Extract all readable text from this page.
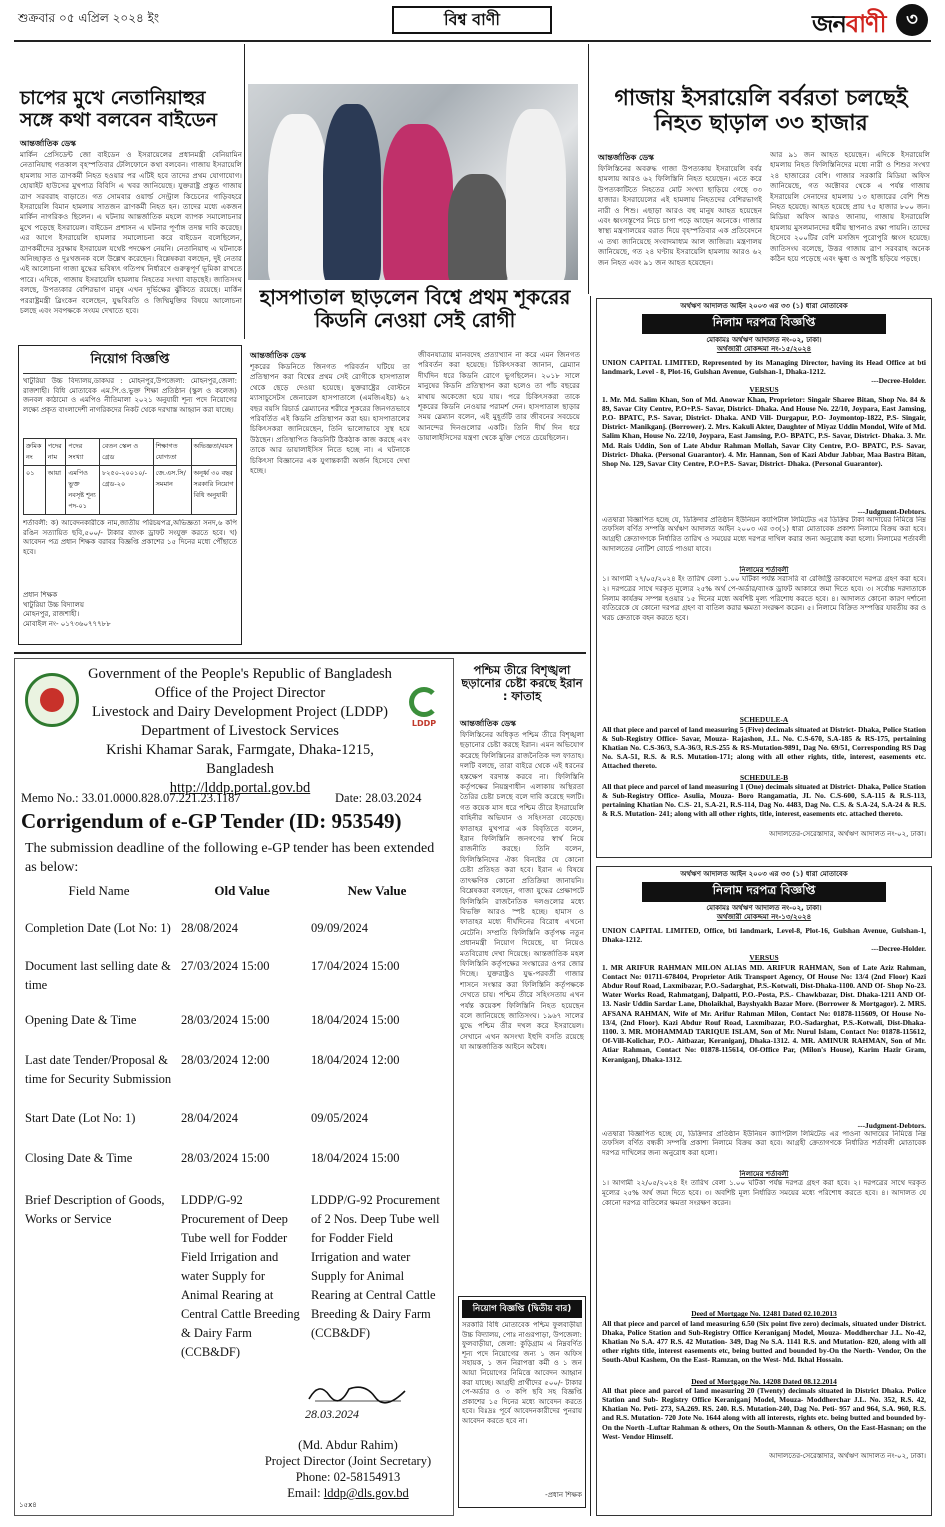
শুক্রবার ০৫ এপ্রিল ২০২৪ ইং	বিশ্ব বাণী	জনবাণী	৩
চাপের মুখে নেতানিয়াহুর সঙ্গে কথা বলবেন বাইডেন
আন্তর্জাতিক ডেস্ক
মার্কিন প্রেসিডেন্ট জো বাইডেন ও ইসরায়েলের প্রধানমন্ত্রী বেনিয়ামিন নেতানিয়াহু গতকাল বৃহস্পতিবার টেলিফোনে কথা বলবেন। গাজায় ইসরায়েলি হামলায় সাত ত্রাণকর্মী নিহত হওয়ার পর এটিই হবে তাদের প্রথম যোগাযোগ। হোয়াইট হাউসের মুখপাত্র বিবিসি এ খবর জানিয়েছে। যুক্তরাষ্ট্র প্রস্তুত গাজায় ত্রাণ সরবরাহ বাড়াতে। গত সোমবার ওয়ার্ল্ড সেন্ট্রাল কিচেনের গাড়িবহরে ইসরায়েলি বিমান হামলায় সাতজন ত্রাণকর্মী নিহত হন। তাদের মধ্যে একজন মার্কিন নাগরিকও ছিলেন। এ ঘটনায় আন্তর্জাতিক মহলে ব্যাপক সমালোচনার মুখে পড়েছে ইসরায়েল। বাইডেন প্রশাসন এ ঘটনার পূর্ণাঙ্গ তদন্ত দাবি করেছে। এর আগে ইসরায়েলি হামলার সমালোচনা করে বাইডেন বলেছিলেন, ত্রাণকর্মীদের সুরক্ষায় ইসরায়েল যথেষ্ট পদক্ষেপ নেয়নি। নেতানিয়াহু এ ঘটনাকে অনিচ্ছাকৃত ও দুঃখজনক বলে উল্লেখ করেছেন। বিশ্লেষকরা বলছেন, দুই নেতার এই আলোচনা গাজা যুদ্ধের ভবিষ্যৎ গতিপথ নির্ধারণে গুরুত্বপূর্ণ ভূমিকা রাখতে পারে। এদিকে, গাজায় ইসরায়েলি হামলায় নিহতের সংখ্যা বাড়ছেই। জাতিসংঘ বলছে, উপত্যকার বেশিরভাগ মানুষ এখন দুর্ভিক্ষের ঝুঁকিতে রয়েছে। মার্কিন পররাষ্ট্রমন্ত্রী ব্লিংকেন বলেছেন, যুদ্ধবিরতি ও জিম্মিমুক্তির বিষয়ে আলোচনা চলছে এবং সবপক্ষকে সংযম দেখাতে হবে।
গাজায় ইসরায়েলি বর্বরতা চলছেই নিহত ছাড়াল ৩৩ হাজার
আন্তর্জাতিক ডেস্ক
ফিলিস্তিনের অবরুদ্ধ গাজা উপত্যকায় ইসরায়েলি বর্বর হামলায় আরও ৬২ ফিলিস্তিনি নিহত হয়েছেন। এতে করে উপত্যকাটিতে নিহতের মোট সংখ্যা ছাড়িয়ে গেছে ৩৩ হাজার। ইসরায়েলের এই হামলায় নিহতদের বেশিরভাগই নারী ও শিশু। এছাড়া আরও বহু মানুষ আহত হয়েছেন এবং ধ্বংসস্তূপের নিচে চাপা পড়ে আছেন অনেকে। গাজার স্বাস্থ্য মন্ত্রণালয়ের বরাত দিয়ে বৃহস্পতিবার এক প্রতিবেদনে এ তথ্য জানিয়েছে সংবাদমাধ্যম আল জাজিরা। মন্ত্রণালয় জানিয়েছে, গত ২৪ ঘণ্টায় ইসরায়েলি হামলায় আরও ৬২ জন নিহত এবং ৯১ জন আহত হয়েছেন।
আর ৯১ জন আহত হয়েছেন। এদিকে ইসরায়েলি হামলায় নিহত ফিলিস্তিনিদের মধ্যে নারী ও শিশুর সংখ্যা ২৪ হাজারের বেশি। গাজার সরকারি মিডিয়া অফিস জানিয়েছে, গত অক্টোবর থেকে এ পর্যন্ত গাজায় ইসরায়েলি সেনাদের হামলায় ১৩ হাজারের বেশি শিশু নিহত হয়েছে। আহত হয়েছে প্রায় ৭৫ হাজার ৮০০ জন। মিডিয়া অফিস আরও জানায়, গাজায় ইসরায়েলি হামলায় মুসলমানদের ধর্মীয় স্থাপনাও রক্ষা পায়নি। তাদের হিসেবে ২০০টির বেশি মসজিদ পুরোপুরি ধ্বংস হয়েছে। জাতিসংঘ বলেছে, উত্তর গাজায় ত্রাণ সরবরাহ অনেক কঠিন হয়ে পড়েছে এবং ক্ষুধা ও অপুষ্টি ছড়িয়ে পড়ছে।
হাসপাতাল ছাড়লেন বিশ্বে প্রথম শূকরের কিডনি নেওয়া সেই রোগী
আন্তর্জাতিক ডেস্ক
শূকরের কিডনিতে জিনগত পরিবর্তন ঘটিয়ে তা প্রতিস্থাপন করা বিশ্বের প্রথম সেই রোগীকে হাসপাতাল থেকে ছেড়ে দেওয়া হয়েছে। যুক্তরাষ্ট্রের বোস্টনে ম্যাসাচুসেটস জেনারেল হাসপাতালে (এমজিএইচ) ৬২ বছর বয়সি রিচার্ড স্লেম্যানের শরীরে শূকরের জিনগতভাবে পরিবর্তিত এই কিডনি প্রতিস্থাপন করা হয়। হাসপাতালের চিকিৎসকরা জানিয়েছেন, তিনি ভালোভাবে সুস্থ হয়ে উঠছেন। প্রতিস্থাপিত কিডনিটি ঠিকঠাক কাজ করছে এবং তাকে আর ডায়ালাইসিস নিতে হচ্ছে না। এ ঘটনাকে চিকিৎসা বিজ্ঞানের এক যুগান্তকারী অর্জন হিসেবে দেখা হচ্ছে।
জীবনযাত্রায় মানবদেহ প্রত্যাখ্যান না করে এমন জিনগত পরিবর্তন করা হয়েছে। চিকিৎসকরা জানান, স্লেম্যান দীর্ঘদিন ধরে কিডনি রোগে ভুগছিলেন। ২০১৮ সালে মানুষের কিডনি প্রতিস্থাপন করা হলেও তা পাঁচ বছরের মাথায় অকেজো হয়ে যায়। পরে চিকিৎসকরা তাকে শূকরের কিডনি নেওয়ার পরামর্শ দেন। হাসপাতাল ছাড়ার সময় স্লেম্যান বলেন, এই মুহূর্তটি তার জীবনের সবচেয়ে আনন্দের দিনগুলোর একটি। তিনি দীর্ঘ দিন ধরে ডায়ালাইসিসের যন্ত্রণা থেকে মুক্তি পেতে চেয়েছিলেন।
নিয়োগ বিজ্ঞপ্তি
খাটুরিয়া উচ্চ বিদ্যালয়,ডাকঘর : মোহনপুর,উপজেলা: মোহনপুর,জেলা: রাজশাহী। বিধি মোতাবেক এম.পি.ও.ভুক্ত শিক্ষা প্রতিষ্ঠান (স্কুল ও কলেজ) জনবল কাঠামো ও এমপিও নীতিমালা ২০২১ অনুযায়ী শূন্য পদে নিয়োগের লক্ষ্যে প্রকৃত বাংলাদেশী নাগরিকদের নিকট থেকে দরখাস্ত আহ্বান করা যাচ্ছে।
ক্রমিক নং	পদের নাম	পদের সংখ্যা	বেতন স্কেল ও গ্রেড	শিক্ষাগত যোগ্যতা	অভিজ্ঞতা/বয়স
০১	আয়া	এমপিও ভুক্ত নবসৃষ্ট শূন্য পদ-০১	৮২৫০-২০০১০/- গ্রেড-২০	জে.এস.সি/ সমমান	অনূর্ধ্ব ৩০ বছর সরকারি নিয়োগ বিধি অনুযায়ী
শর্তাবলী: ক) আবেদনকারীকে নাম,জাতীয় পরিচয়পত্র,অভিজ্ঞতা সনদ,৬ কপি রঙিন সত্যায়িত ছবি,৫০০/- টাকার ব্যাংক ড্রাফট সংযুক্ত করতে হবে। খ) আবেদন পত্র প্রধান শিক্ষক বরাবর বিজ্ঞপ্তি প্রকাশের ১৫ দিনের মধ্যে পৌঁছাতে হবে।
প্রধান শিক্ষক
খাটুরিয়া উচ্চ বিদ্যালয়
মোহনপুর, রাজশাহী।
মোবাইল নং- ০১৭৩৬০৭৭৭৮৮
LDDP
Government of the People's Republic of Bangladesh
Office of the Project Director
Livestock and Dairy Development Project (LDDP)
Department of Livestock Services
Krishi Khamar Sarak, Farmgate, Dhaka-1215, Bangladesh
http://lddp.portal.gov.bd
Memo No.: 33.01.0000.828.07.221.23.1187	Date: 28.03.2024
Corrigendum of e-GP Tender (ID: 953549)
The submission deadline of the following e-GP tender has been extended as below:
Field Name	Old Value	New Value
Completion Date (Lot No: 1)	28/08/2024	09/09/2024
Document last selling date & time	27/03/2024 15:00	17/04/2024 15:00
Opening Date & Time	28/03/2024 15:00	18/04/2024 15:00
Last date Tender/Proposal & time for Security Submission	28/03/2024 12:00	18/04/2024 12:00
Start Date (Lot No: 1)	28/04/2024	09/05/2024
Closing Date & Time	28/03/2024 15:00	18/04/2024 15:00
Brief Description of Goods, Works or Service	LDDP/G-92 Procurement of Deep Tube well for Fodder Field Irrigation and water Supply for Animal Rearing at Central Cattle Breeding & Dairy Farm (CCB&DF)	LDDP/G-92 Procurement of 2 Nos. Deep Tube well for Fodder Field Irrigation and water Supply for Animal Rearing at Central Cattle Breeding & Dairy Farm (CCB&DF)
28.03.2024
(Md. Abdur Rahim)
Project Director (Joint Secretary)
Phone: 02-58154913
Email: lddp@dls.gov.bd
১৫x৪
পশ্চিম তীরে বিশৃঙ্খলা ছড়ানোর চেষ্টা করছে ইরান : ফাতাহ
আন্তর্জাতিক ডেস্ক
ফিলিস্তিনের অধিকৃত পশ্চিম তীরে বিশৃঙ্খলা ছড়ানোর চেষ্টা করছে ইরান। এমন অভিযোগ করেছে ফিলিস্তিনের রাজনৈতিক দল ফাতাহ। দলটি বলছে, তারা বাইরে থেকে এই ধরনের হস্তক্ষেপ বরদাস্ত করবে না। ফিলিস্তিনি কর্তৃপক্ষের নিয়ন্ত্রণাধীন এলাকায় অস্থিরতা তৈরির চেষ্টা চলছে বলে দাবি করেছে দলটি। গত কয়েক মাস ধরে পশ্চিম তীরে ইসরায়েলি বাহিনীর অভিযান ও সহিংসতা বেড়েছে। ফাতাহর মুখপাত্র এক বিবৃতিতে বলেন, ইরান ফিলিস্তিনি জনগণের স্বার্থ নিয়ে রাজনীতি করছে। তিনি বলেন, ফিলিস্তিনিদের ঐক্য বিনষ্টের যে কোনো চেষ্টা প্রতিহত করা হবে। ইরান এ বিষয়ে তাৎক্ষণিক কোনো প্রতিক্রিয়া জানায়নি। বিশ্লেষকরা বলছেন, গাজা যুদ্ধের প্রেক্ষাপটে ফিলিস্তিনি রাজনৈতিক দলগুলোর মধ্যে বিভক্তি আরও স্পষ্ট হচ্ছে। হামাস ও ফাতাহর মধ্যে দীর্ঘদিনের বিরোধ এখনো মেটেনি। সম্প্রতি ফিলিস্তিনি কর্তৃপক্ষ নতুন প্রধানমন্ত্রী নিয়োগ দিয়েছে, যা নিয়েও মতবিরোধ দেখা দিয়েছে। আন্তর্জাতিক মহল ফিলিস্তিনি কর্তৃপক্ষের সংস্কারের ওপর জোর দিচ্ছে। যুক্তরাষ্ট্রও যুদ্ধ-পরবর্তী গাজার শাসনে সংস্কার করা ফিলিস্তিনি কর্তৃপক্ষকে দেখতে চায়। পশ্চিম তীরে সহিংসতায় এখন পর্যন্ত কয়েকশ ফিলিস্তিনি নিহত হয়েছেন বলে জানিয়েছে জাতিসংঘ। ১৯৬৭ সালের যুদ্ধে পশ্চিম তীর দখল করে ইসরায়েল। সেখানে এখন অসংখ্য ইহুদি বসতি রয়েছে যা আন্তর্জাতিক আইনে অবৈধ।
নিয়োগ বিজ্ঞপ্তি (দ্বিতীয় বার)
সরকারি বিধি মোতাবেক পশ্চিম ফুলবাড়ীয়া উচ্চ বিদ্যালয়, পোঃ নাগুরপাড়া, উপজেলা: ফুলবাড়ীয়া, জেলা: কুড়িগ্রাম এ নিম্নবর্ণিত শূন্য পদে নিয়োগের জন্য ১ জন অফিস সহায়ক, ১ জন নিরাপত্তা কর্মী ও ১ জন আয়া নিয়োগের নিমিত্তে আবেদন আহ্বান করা যাচ্ছে। আগ্রহী প্রার্থীদের ৫০০/- টাকার পে-অর্ডার ও ৩ কপি ছবি সহ বিজ্ঞপ্তি প্রকাশের ১৫ দিনের মধ্যে আবেদন করতে হবে। বিঃদ্রঃ পূর্বে আবেদনকারীদের পুনরায় আবেদন করতে হবে না।
-প্রধান শিক্ষক
অর্থঋণ আদালত আইন ২০০৩ এর ৩৩ (১) ধারা মোতাবেক
নিলাম দরপত্র বিজ্ঞপ্তি
মোকামঃ অর্থঋণ আদালত নং-০২, ঢাকা।
অর্থজারী মোকদ্দমা নং-১৫/২০২৪
UNION CAPITAL LIMITED, Represented by its Managing Director, having its Head Office at bti landmark, Level - 8, Plot-16, Gulshan Avenue, Gulshan-1, Dhaka-1212.
---Decree-Holder.
VERSUS
1. Mr. Md. Salim Khan, Son of Md. Anowar Khan, Proprietor: Singair Sharee Bitan, Shop No. 84 & 89, Savar City Centre, P.O+P.S- Savar, District- Dhaka. And House No. 22/10, Joypara, East Jamsing, P.O- BPATC, P.S- Savar, District- Dhaka. AND Vill- Durgapur, P.O- Joymontop-1822, P.S- Singair, District- Manikganj. (Borrower). 2. Mrs. Kakuli Akter, Daughter of Miyaz Uddin Mondol, Wife of Md. Salim Khan, House No. 22/10, Joypara, East Jamsing, P.O- BPATC, P.S- Savar, District- Dhaka. 3. Mr. Md. Rais Uddin, Son of Late Abdur Rahman Mollah, Savar City Centre, P.O- BPATC, P.S- Savar, District- Dhaka. (Personal Guarantor). 4. Mr. Hannan, Son of Kazi Abdur Jabbar, Maa Bastra Bitan, Shop No. 129, Savar City Centre, P.O+P.S- Savar, District- Dhaka. (Personal Guarantor).
---Judgment-Debtors.
এতদ্বারা বিজ্ঞাপিত হচ্ছে যে, ডিক্রিদার প্রতিষ্ঠান ইউনিয়ন ক্যাপিটাল লিমিটেড এর ডিক্রির টাকা আদায়ের নিমিত্তে নিম্ন তফসিল বর্ণিত সম্পত্তি অর্থঋণ আদালত আইন ২০০৩ এর ৩৩(১) ধারা মোতাবেক প্রকাশ্য নিলামে বিক্রয় করা হবে। আগ্রহী ক্রেতাগণকে নির্ধারিত তারিখ ও সময়ের মধ্যে দরপত্র দাখিল করার জন্য অনুরোধ করা হলো। নিলামের শর্তাবলী আদালতের নোটিশ বোর্ডে পাওয়া যাবে।
নিলামের শর্তাবলী
১। আগামী ২৭/০৫/২০২৪ ইং তারিখ বেলা ১.০০ ঘটিকা পর্যন্ত সরাসরি বা রেজিস্ট্রি ডাকযোগে দরপত্র গ্রহণ করা হবে। ২। দরপত্রের সাথে দরকৃত মূল্যের ২৫% অর্থ পে-অর্ডার/ব্যাংক ড্রাফট আকারে জমা দিতে হবে। ৩। সর্বোচ্চ দরদাতাকে নিলাম কার্যক্রম সম্পন্ন হওয়ার ১৫ দিনের মধ্যে অবশিষ্ট মূল্য পরিশোধ করতে হবে। ৪। আদালত কোনো কারণ দর্শানো ব্যতিরেকে যে কোনো দরপত্র গ্রহণ বা বাতিল করার ক্ষমতা সংরক্ষণ করেন। ৫। নিলামে বিক্রিত সম্পত্তির যাবতীয় কর ও খরচ ক্রেতাকে বহন করতে হবে।
SCHEDULE-A
All that piece and parcel of land measuring 5 (Five) decimals situated at District- Dhaka, Police Station & Sub-Registry Office- Savar, Mouza- Rajashon, J.L. No. C.S-670, S.A-185 & RS-175, pertaining Khatian No. C.S-36/3, S.A-36/3, R.S-255 & RS-Mutation-9891, Dag No. 69/51, Corresponding RS Dag No. S.A-51, R.S. & R.S. Mutation-171; along with all other rights, title, interest, easements etc. Attached thereto.
SCHEDULE-B
All that piece and parcel of land measuring 1 (One) decimals situated at District- Dhaka, Police Station & Sub-Registry Office- Asulia, Mouza- Boro Rangamatia, JL No. C.S-600, S.A-115 & R.S-113, pertaining Khatian No. C.S- 21, S.A-21, R.S-114, Dag No. 4483, Dag No. C.S. & S.A-24, S.A-24 & R.S. & R.S. Mutation- 241; along with all other rights, title, interest, easements etc. attached thereto.
আদালতের-সেরেস্তাদার, অর্থঋণ আদালত নং-০২, ঢাকা।
অর্থঋণ আদালত আইন ২০০৩ এর ৩৩ (১) ধারা মোতাবেক
নিলাম দরপত্র বিজ্ঞপ্তি
মোকামঃ অর্থঋণ আদালত নং-০২, ঢাকা।
অর্থজারী মোকদ্দমা নং-১৩/২০২৪
UNION CAPITAL LIMITED, Office, bti landmark, Level-8, Plot-16, Gulshan Avenue, Gulshan-1, Dhaka-1212.
---Decree-Holder.
VERSUS
1. MR ARIFUR RAHMAN MILON ALIAS MD. ARIFUR RAHMAN, Son of Late Aziz Rahman, Contact No: 01711-678404, Proprietor Atik Transport Agency, Of House No: 13/4 (2nd Floor) Kazi Abdur Rouf Road, Laxmibazar, P.O.-Sadarghat, P.S.-Kotwali, Dist-Dhaka-1100. AND Of- Shop No-23. Water Works Road, Rahmatganj, Dalpatti, P.O.-Posta, P.S.- Chawkbazar, Dist. Dhaka-1211 AND Of-13. Nasir Uddin Sardar Lane, Dholaikhal, Bayshyakh Bazar More. (Borrower & Mortgagor). 2. MRS. AFSANA RAHMAN, Wife of Mr. Arifur Rahman Milon, Contact No: 01878-115609, Of House No-13/4, (2nd Floor). Kazi Abdur Rouf Road, Laxmibazar, P.O.-Sadarghat, P.S.-Kotwali, Dist-Dhaka-1100. 3. MR. MOHAMMAD TARIQUE ISLAM, Son of Mr. Nurul Islam, Contact No: 01878-115612, Of-Vill-Kolichar, P.O.- Aitbazar, Keraniganj, Dhaka-1312. 4. MR. AMINUR RAHMAN, Son of Mr. Atiar Rahman, Contact No: 01878-115614, Of-Office Par, (Milon's House), Karim Hazir Gram, Keraniganj, Dhaka-1312.
---Judgment-Debtors.
এতদ্বারা বিজ্ঞাপিত হচ্ছে যে, ডিক্রিদার প্রতিষ্ঠান ইউনিয়ন ক্যাপিটাল লিমিটেড এর পাওনা আদায়ের নিমিত্তে নিম্ন তফসিল বর্ণিত বন্ধকী সম্পত্তি প্রকাশ্য নিলামে বিক্রয় করা হবে। আগ্রহী ক্রেতাগণকে নির্ধারিত শর্তাবলী মোতাবেক দরপত্র দাখিলের জন্য অনুরোধ করা হলো।
নিলামের শর্তাবলী
১। আগামী ২২/০৫/২০২৪ ইং তারিখ বেলা ১.০০ ঘটিকা পর্যন্ত দরপত্র গ্রহণ করা হবে। ২। দরপত্রের সাথে দরকৃত মূল্যের ২৫% অর্থ জমা দিতে হবে। ৩। অবশিষ্ট মূল্য নির্ধারিত সময়ের মধ্যে পরিশোধ করতে হবে। ৪। আদালত যে কোনো দরপত্র বাতিলের ক্ষমতা সংরক্ষণ করেন।
Deed of Mortgage No. 12481 Dated 02.10.2013
All that piece and parcel of land measuring 6.50 (Six point five zero) decimals, situated under District. Dhaka, Police Station and Sub-Registry Office Keraniganj Model, Mouza- Moddherchar J.L. No-42, Khatian No S.A. 477 R.S. 42 Mutation- 349, Dag No S.A. 1141 R.S. and Mutation- 820, along with all other rights title, interest easements etc, being butted and bounded by-On the North- Vendor, On the South-Abul Kashem, On the East- Ramzan, on the West- Md. Ikhal Hossain.
Deed of Mortgage No. 14208 Dated 08.12.2014
All that piece and parcel of land measuring 20 (Twenty) decimals situated in District Dhaka. Police Station and Sub- Registry Office Keraniganj Model, Mouza- Moddherchar J.L. No. 352, R.S. 42, Khatian No. Peti- 273, SA.269. RS. 240. R.S. Mutation-240, Dag No. Peti- 957 and 964, S.A. 960, R.S. and R.S. Mutation- 720 Jote No. 1644 along with all interests, rights etc. being butted and bounded by-On the North -Luftar Rahman & others, On the South-Mannan & others, On the East-Hasnan; on the West- Vendor Himself.
আদালতের-সেরেস্তাদার, অর্থঋণ আদালত নং-০২, ঢাকা।
